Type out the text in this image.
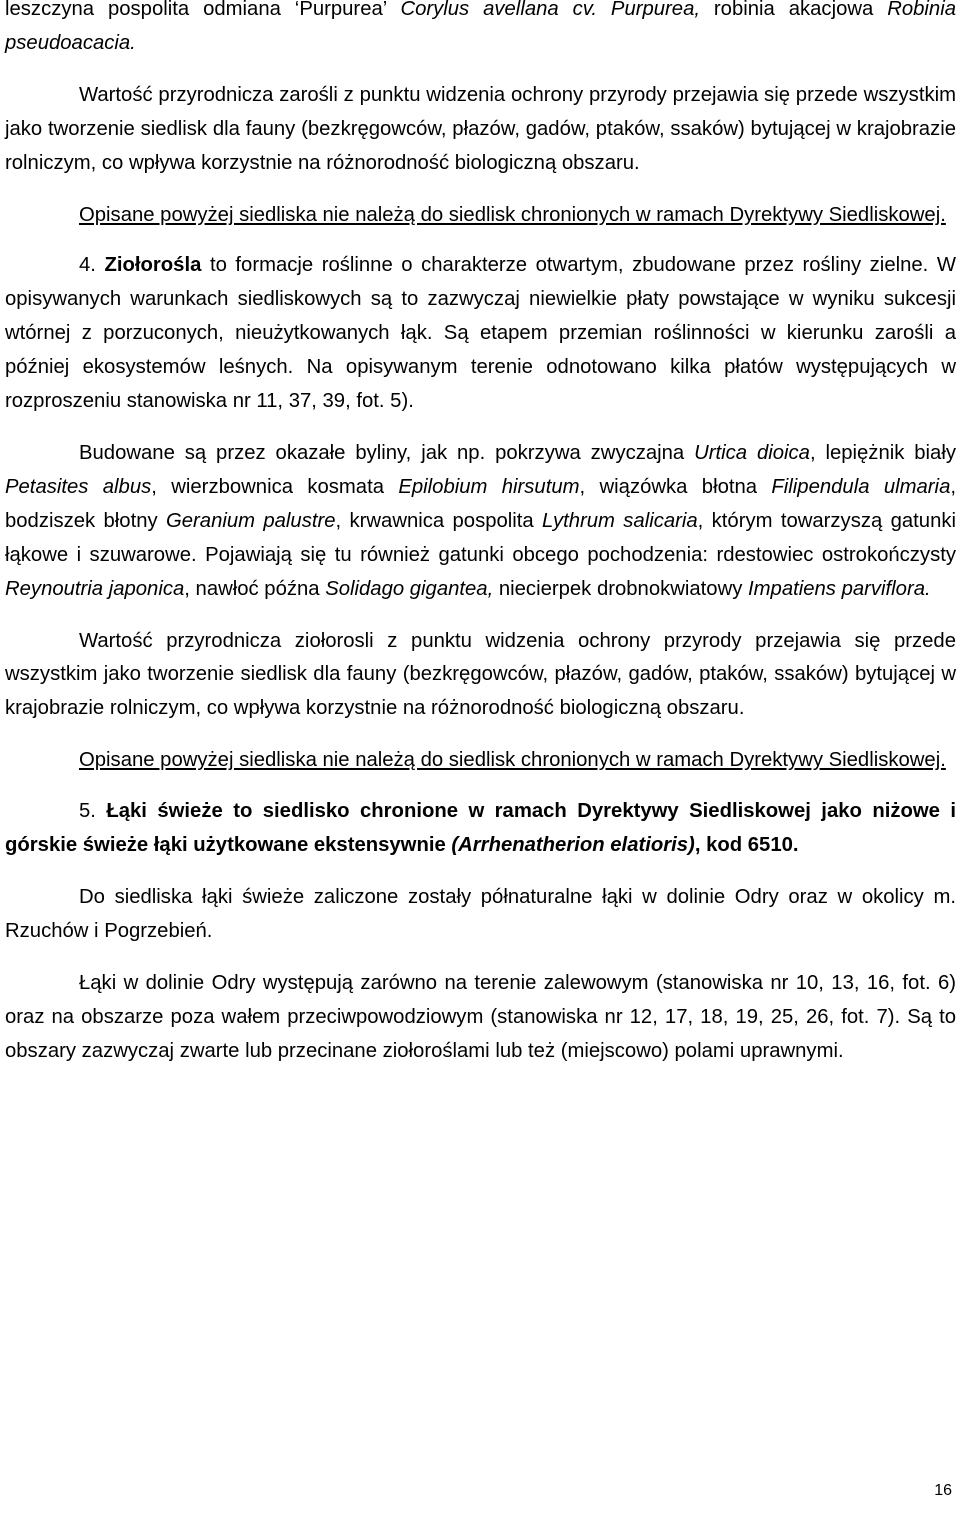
leszczyna pospolita odmiana ‘Purpurea’ Corylus avellana cv. Purpurea, robinia akacjowa Robinia pseudoacacia.

Wartość przyrodnicza zarośli z punktu widzenia ochrony przyrody przejawia się przede wszystkim jako tworzenie siedlisk dla fauny (bezkręgowców, płazów, gadów, ptaków, ssaków) bytującej w krajobrazie rolniczym, co wpływa korzystnie na różnorodność biologiczną obszaru.

Opisane powyżej siedliska nie należą do siedlisk chronionych w ramach Dyrektywy Siedliskowej.

4. Ziołorośla to formacje roślinne o charakterze otwartym, zbudowane przez rośliny zielne. W opisywanych warunkach siedliskowych są to zazwyczaj niewielkie płaty powstające w wyniku sukcesji wtórnej z porzuconych, nieużytkowanych łąk. Są etapem przemian roślinności w kierunku zarośli a później ekosystemów leśnych. Na opisywanym terenie odnotowano kilka płatów występujących w rozproszeniu stanowiska nr 11, 37, 39, fot. 5).

Budowane są przez okazałe byliny, jak np. pokrzywa zwyczajna Urtica dioica, lepiężnik biały Petasites albus, wierzbownica kosmata Epilobium hirsutum, wiązówka błotna Filipendula ulmaria, bodziszek błotny Geranium palustre, krwawnica pospolita Lythrum salicaria, którym towarzyszą gatunki łąkowe i szuwarowe. Pojawiają się tu również gatunki obcego pochodzenia: rdestowiec ostrokończysty Reynoutria japonica, nawłoć późna Solidago gigantea, niecierpek drobnokwiatowy Impatiens parviflora.

Wartość przyrodnicza ziołorosli z punktu widzenia ochrony przyrody przejawia się przede wszystkim jako tworzenie siedlisk dla fauny (bezkręgowców, płazów, gadów, ptaków, ssaków) bytującej w krajobrazie rolniczym, co wpływa korzystnie na różnorodność biologiczną obszaru.

Opisane powyżej siedliska nie należą do siedlisk chronionych w ramach Dyrektywy Siedliskowej.

5. Łąki świeże to siedlisko chronione w ramach Dyrektywy Siedliskowej jako niżowe i górskie świeże łąki użytkowane ekstensywnie (Arrhenatherion elatioris), kod 6510.

Do siedliska łąki świeże zaliczone zostały półnaturalne łąki w dolinie Odry oraz w okolicy m. Rzuchów i Pogrzebień.

Łąki w dolinie Odry występują zarówno na terenie zalewowym (stanowiska nr 10, 13, 16, fot. 6) oraz na obszarze poza wałem przeciwpowodziowym (stanowiska nr 12, 17, 18, 19, 25, 26, fot. 7). Są to obszary zazwyczaj zwarte lub przecinane ziołoroślami lub też (miejscowo) polami uprawnymi.

16
